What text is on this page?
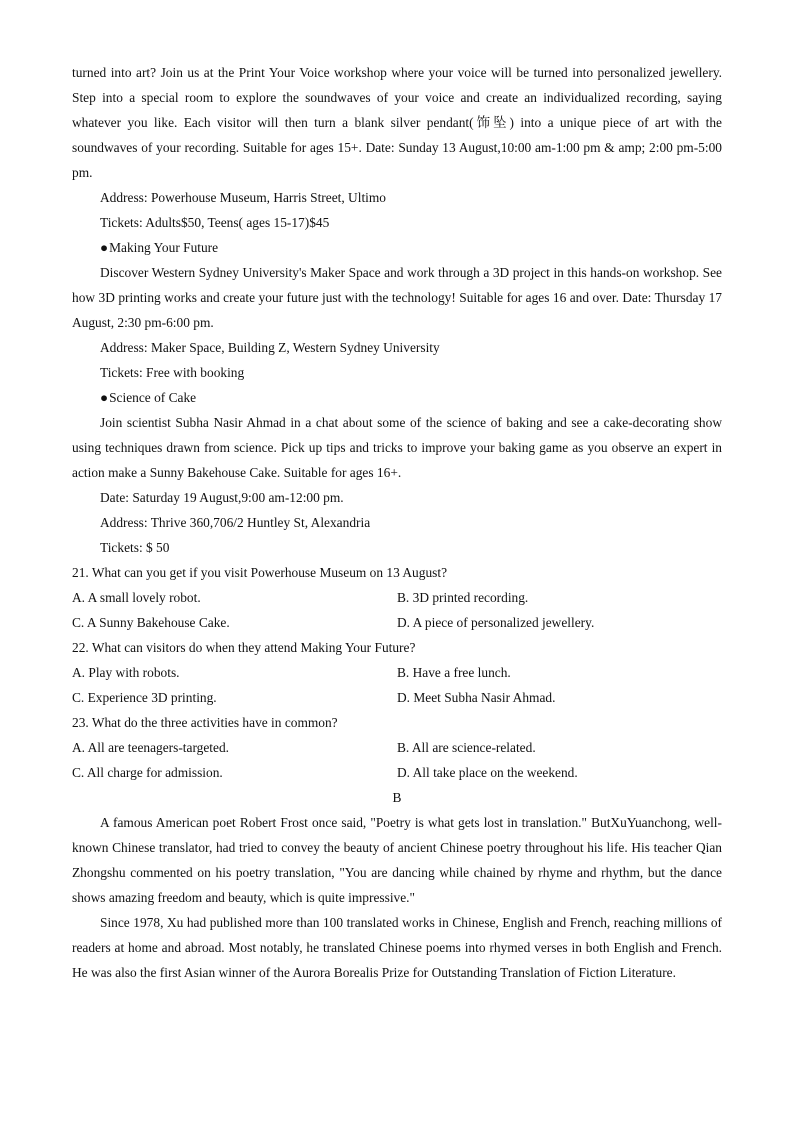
turned into art? Join us at the Print Your Voice workshop where your voice will be turned into personalized jewellery. Step into a special room to explore the soundwaves of your voice and create an individualized recording, saying whatever you like. Each visitor will then turn a blank silver pendant(饰坠) into a unique piece of art with the soundwaves of your recording. Suitable for ages 15+. Date: Sunday 13 August,10:00 am-1:00 pm & amp; 2:00 pm-5:00 pm.

Address: Powerhouse Museum, Harris Street, Ultimo

Tickets: Adults$50, Teens( ages 15-17)$45

● Making Your Future

Discover Western Sydney University's Maker Space and work through a 3D project in this hands-on workshop. See how 3D printing works and create your future just with the technology! Suitable for ages 16 and over. Date: Thursday 17 August, 2:30 pm-6:00 pm.

Address: Maker Space, Building Z, Western Sydney University

Tickets: Free with booking

● Science of Cake

Join scientist Subha Nasir Ahmad in a chat about some of the science of baking and see a cake-decorating show using techniques drawn from science. Pick up tips and tricks to improve your baking game as you observe an expert in action make a Sunny Bakehouse Cake. Suitable for ages 16+.

Date: Saturday 19 August,9:00 am-12:00 pm.

Address: Thrive 360,706/2 Huntley St, Alexandria

Tickets: $ 50

21. What can you get if you visit Powerhouse Museum on 13 August?

A. A small lovely robot.	B. 3D printed recording.
C. A Sunny Bakehouse Cake.	D. A piece of personalized jewellery.

22. What can visitors do when they attend Making Your Future?

A. Play with robots.	B. Have a free lunch.
C. Experience 3D printing.	D. Meet Subha Nasir Ahmad.

23. What do the three activities have in common?

A. All are teenagers-targeted.	B. All are science-related.
C. All charge for admission.	D. All take place on the weekend.

B

A famous American poet Robert Frost once said, "Poetry is what gets lost in translation." ButXuYuanchong, well-known Chinese translator, had tried to convey the beauty of ancient Chinese poetry throughout his life. His teacher Qian Zhongshu commented on his poetry translation, "You are dancing while chained by rhyme and rhythm, but the dance shows amazing freedom and beauty, which is quite impressive."

Since 1978, Xu had published more than 100 translated works in Chinese, English and French, reaching millions of readers at home and abroad. Most notably, he translated Chinese poems into rhymed verses in both English and French. He was also the first Asian winner of the Aurora Borealis Prize for Outstanding Translation of Fiction Literature.
